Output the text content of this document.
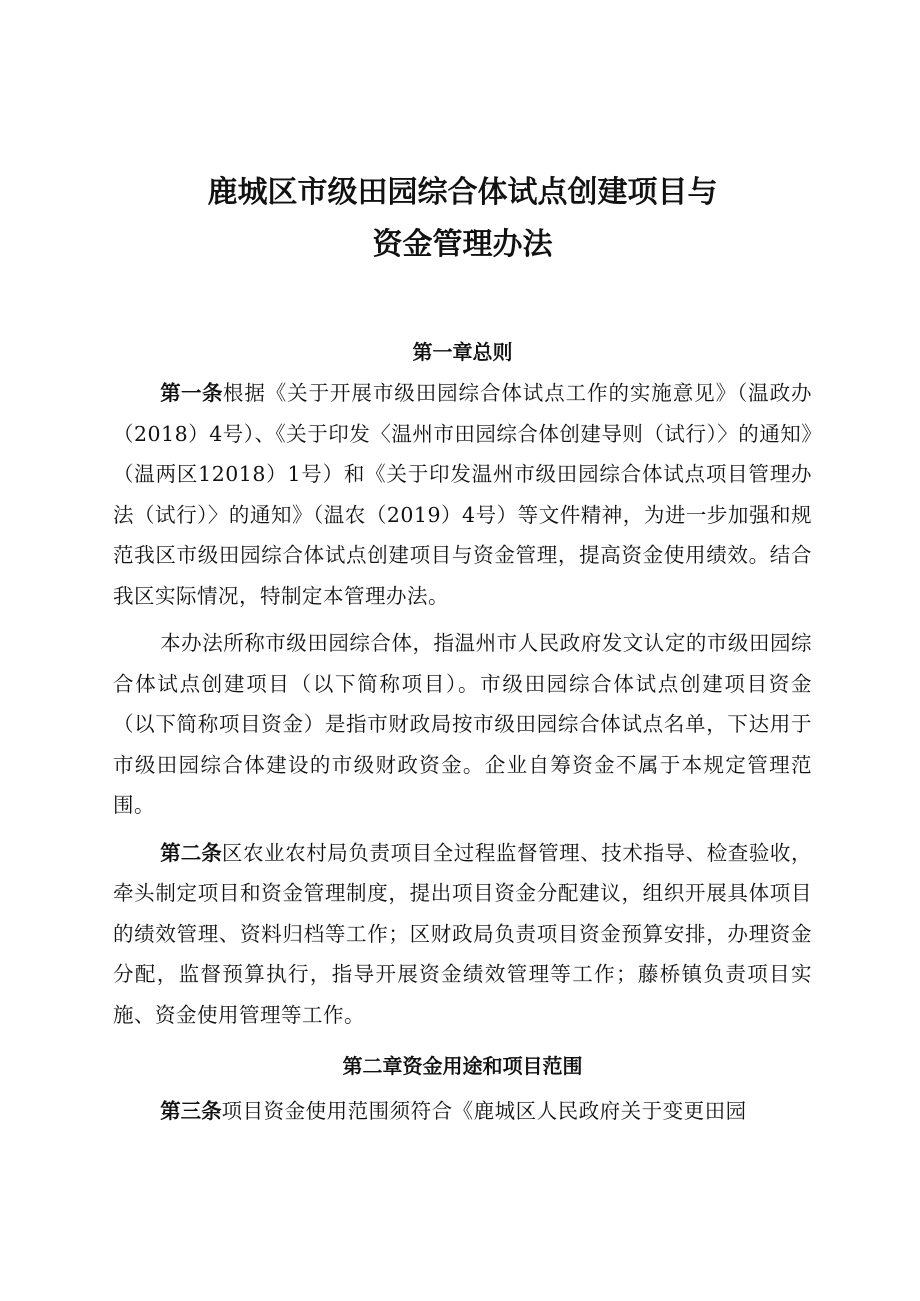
鹿城区市级田园综合体试点创建项目与
资金管理办法
第一章总则

第一条根据《关于开展市级田园综合体试点工作的实施意见》（温政办（2018）4号）、《关于印发〈温州市田园综合体创建导则（试行）〉的通知》（温两区12018）1号）和《关于印发温州市级田园综合体试点项目管理办法（试行）〉的通知》（温农（2019）4号）等文件精神，为进一步加强和规范我区市级田园综合体试点创建项目与资金管理，提高资金使用绩效。结合我区实际情况，特制定本管理办法。

本办法所称市级田园综合体，指温州市人民政府发文认定的市级田园综合体试点创建项目（以下简称项目）。市级田园综合体试点创建项目资金（以下简称项目资金）是指市财政局按市级田园综合体试点名单，下达用于市级田园综合体建设的市级财政资金。企业自筹资金不属于本规定管理范围。

第二条区农业农村局负责项目全过程监督管理、技术指导、检查验收，牵头制定项目和资金管理制度，提出项目资金分配建议，组织开展具体项目的绩效管理、资料归档等工作；区财政局负责项目资金预算安排，办理资金分配，监督预算执行，指导开展资金绩效管理等工作；藤桥镇负责项目实施、资金使用管理等工作。

第二章资金用途和项目范围

第三条项目资金使用范围须符合《鹿城区人民政府关于变更田园
